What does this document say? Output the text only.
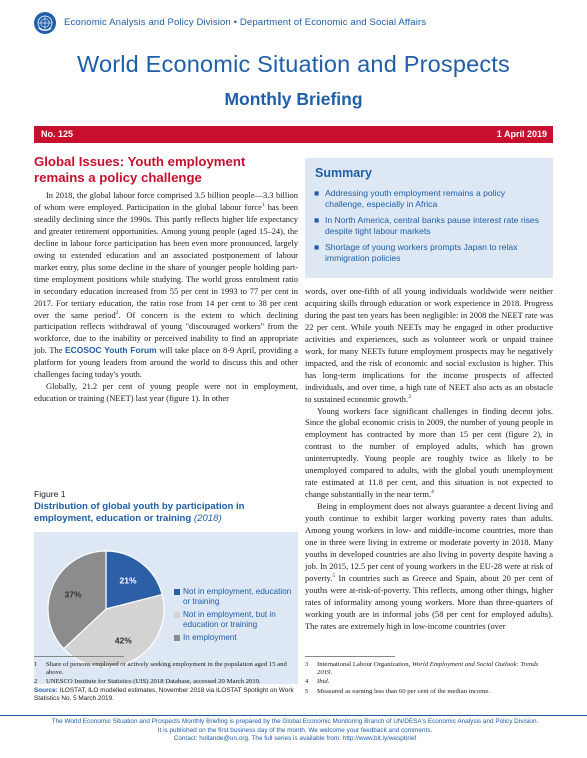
Economic Analysis and Policy Division • Department of Economic and Social Affairs
World Economic Situation and Prospects
Monthly Briefing
No. 125	1 April 2019
Global Issues: Youth employment remains a policy challenge

In 2018, the global labour force comprised 3.5 billion people—3.3 billion of whom were employed. Participation in the global labour force$^1$ has been steadily declining since the 1990s. This partly reflects higher life expectancy and greater retirement opportunities. Among young people (aged 15–24), the decline in labour force participation has been even more pronounced, largely owing to extended education and an associated postponement of labour market entry, plus some decline in the share of younger people holding part-time employment positions while studying. The world gross enrolment ratio in secondary education increased from 55 per cent in 1993 to 77 per cent in 2017. For tertiary education, the ratio rose from 14 per cent to 38 per cent over the same period$^2$. Of concern is the extent to which declining participation reflects withdrawal of young "discouraged workers" from the workforce, due to the inability or perceived inability to find an appropriate job. The ECOSOC Youth Forum will take place on 8-9 April, providing a platform for young leaders from around the world to discuss this and other challenges facing today's youth.

Globally, 21.2 per cent of young people were not in employment, education or training (NEET) last year (figure 1). In other

Summary
■ Addressing youth employment remains a policy challenge, especially in Africa
■ In North America, central banks pause interest rate rises despite tight labour markets
■ Shortage of young workers prompts Japan to relax immigration policies

words, over one-fifth of all young individuals worldwide were neither acquiring skills through education or work experience in 2018. Progress during the past ten years has been negligible: in 2008 the NEET rate was 22 per cent. While youth NEETs may be engaged in other productive activities and experiences, such as volunteer work or unpaid trainee work, for many NEETs future employment prospects may be negatively impacted, and the risk of economic and social exclusion is higher. This has long-term implications for the income prospects of affected individuals, and over time, a high rate of NEET also acts as an obstacle to sustained economic growth.$^3$

Young workers face significant challenges in finding decent jobs. Since the global economic crisis in 2009, the number of young people in employment has contracted by more than 15 per cent (figure 2), in contrast to the number of employed adults, which has grown uninterruptedly. Young people are roughly twice as likely to be unemployed compared to adults, with the global youth unemployment rate estimated at 11.8 per cent, and this situation is not expected to change substantially in the near term.$^4$

Being in employment does not always guarantee a decent living and youth continue to exhibit larger working poverty rates than adults. Among young workers in low- and middle-income countries, more than one in three were living in extreme or moderate poverty in 2018. Many youths in developed countries are also living in poverty despite having a job. In 2015, 12.5 per cent of young workers in the EU-28 were at risk of poverty.$^5$ In countries such as Greece and Spain, about 20 per cent of youths were at-risk-of-poverty. This reflects, among other things, higher rates of informality among young workers. More than three-quarters of working youth are in informal jobs (58 per cent for employed adults). The rates are extremely high in low-income countries (over

Figure 1

Distribution of global youth by participation in employment, education or training (2018)

21%
42%
37%	Not in employment, education or training
Not in employment, but in education or training
In employment
Source: ILOSTAT, ILO modelled estimates, November 2018 via ILOSTAT Spotlight on Work Statistics No. 5 March 2019.
1 Share of persons employed or actively seeking employment in the population aged 15 and above.
2 UNESCO Institute for Statistics (UIS) 2018 Database, accessed 20 March 2019.
3 International Labour Organization, World Employment and Social Outlook: Trends 2019.
4 Ibid.
5 Measured as earning less than 60 per cent of the median income.
The World Economic Situation and Prospects Monthly Briefing is prepared by the Global Economic Monitoring Branch of UN/DESA's Economic Analysis and Policy Division.
It is published on the first business day of the month. We welcome your feedback and comments.
Contact: hollande@un.org. The full series is available from: http://www.bit.ly/wespbrief
